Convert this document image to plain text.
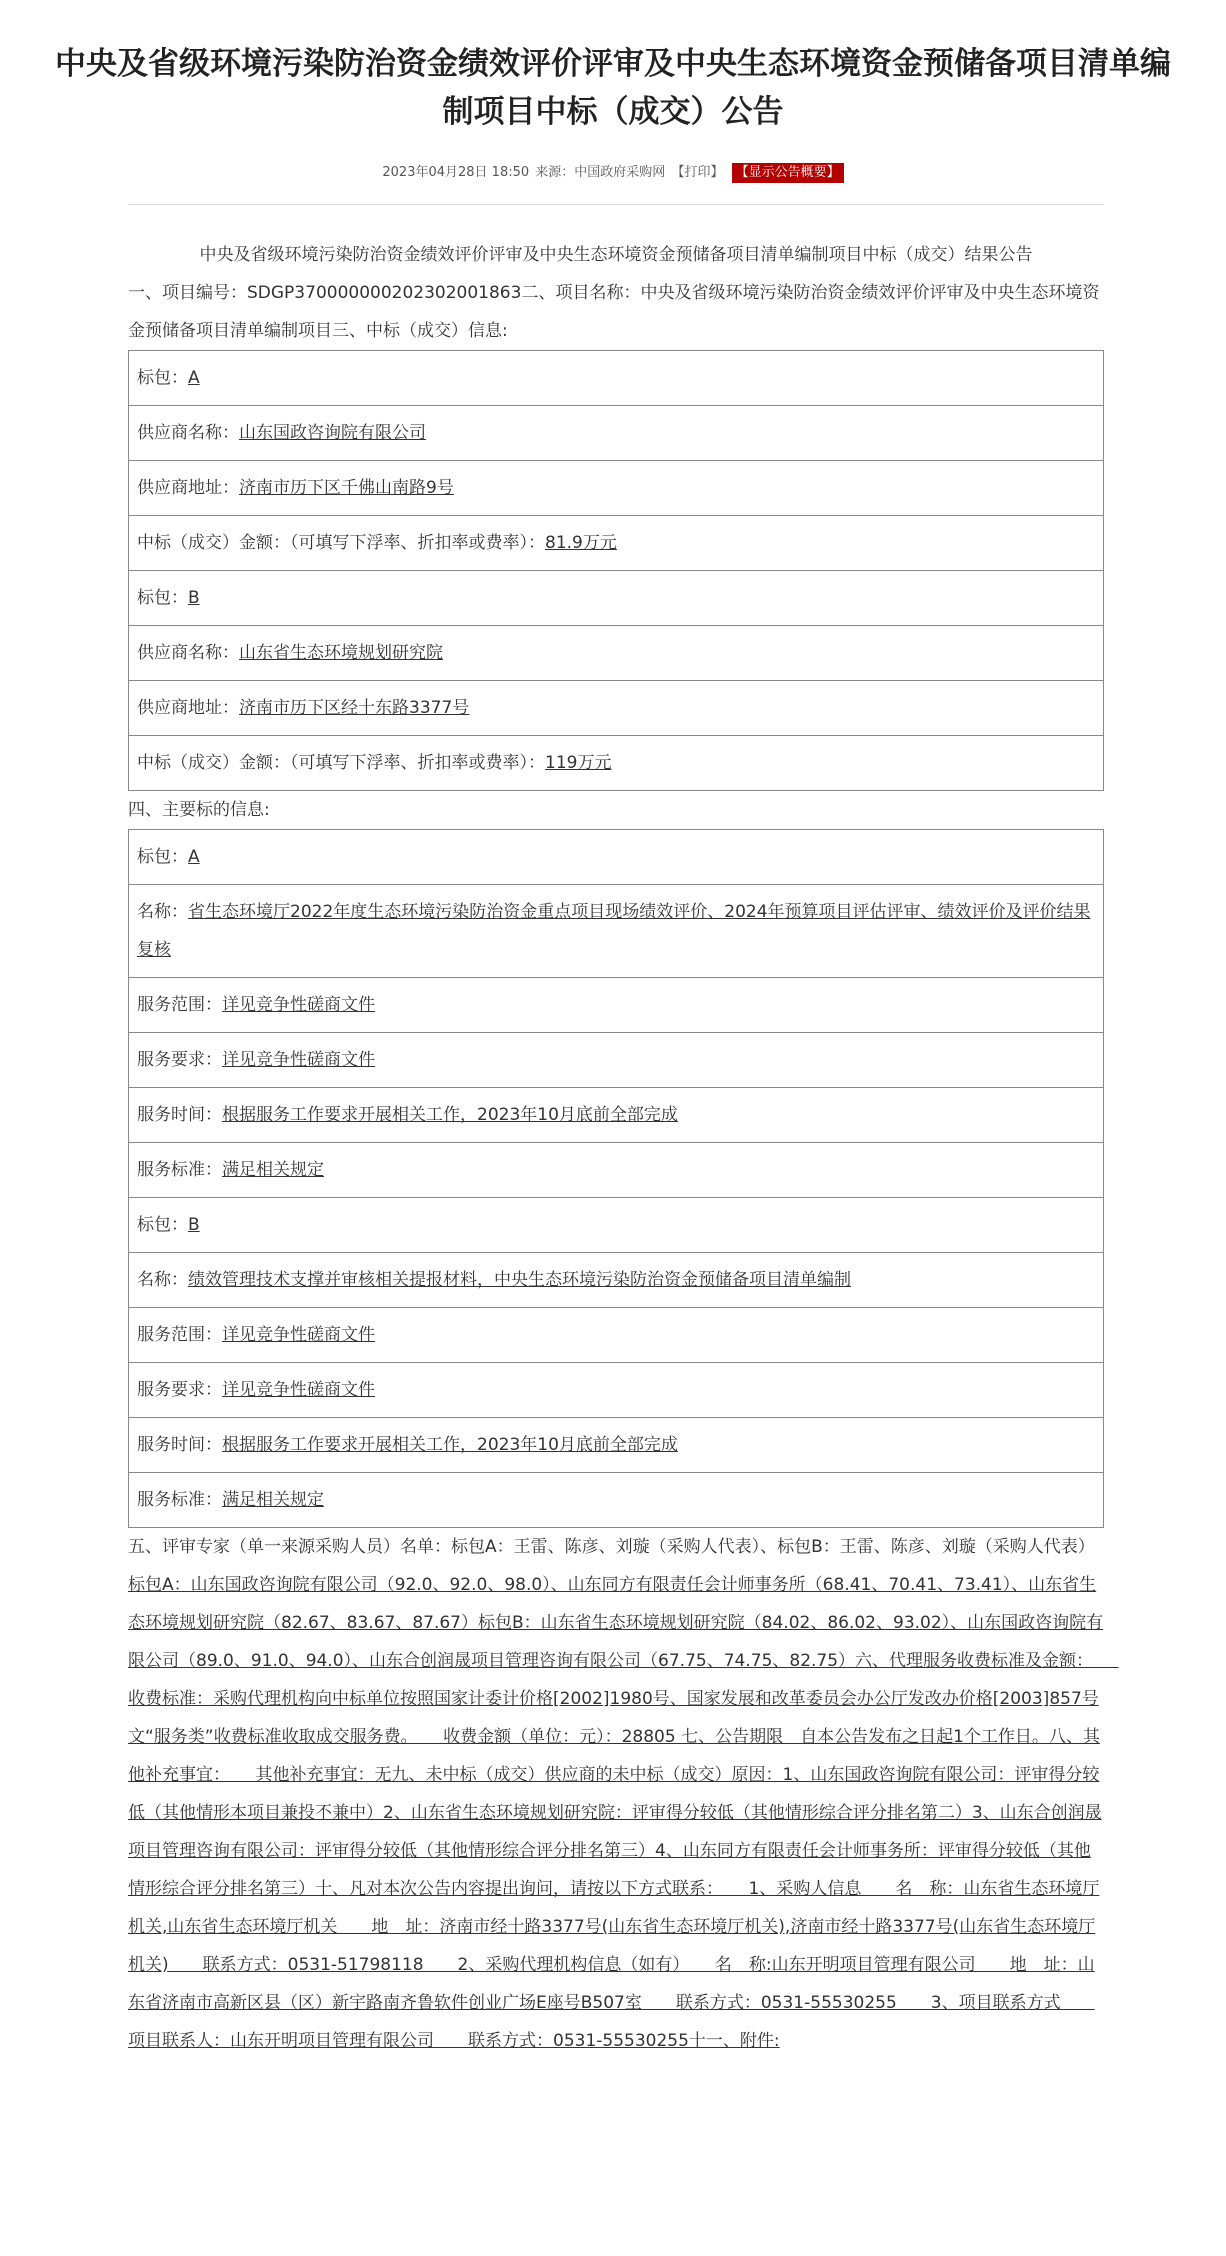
中央及省级环境污染防治资金绩效评价评审及中央生态环境资金预储备项目清单编
制项目中标（成交）公告
2023年04月28日 18:50 来源：中国政府采购网 【打印】 【显示公告概要】

中央及省级环境污染防治资金绩效评价评审及中央生态环境资金预储备项目清单编制项目中标（成交）结果公告

一、项目编号：SDGP370000000202302001863二、项目名称：中央及省级环境污染防治资金绩效评价评审及中央生态环境资金预储备项目清单编制项目三、中标（成交）信息:

标包：A
供应商名称：山东国政咨询院有限公司
供应商地址：济南市历下区千佛山南路9号
中标（成交）金额：（可填写下浮率、折扣率或费率）：81.9万元
标包：B
供应商名称：山东省生态环境规划研究院
供应商地址：济南市历下区经十东路3377号
中标（成交）金额：（可填写下浮率、折扣率或费率）：119万元

四、主要标的信息:

标包：A
名称：省生态环境厅2022年度生态环境污染防治资金重点项目现场绩效评价、2024年预算项目评估评审、绩效评价及评价结果复核
服务范围：详见竞争性磋商文件
服务要求：详见竞争性磋商文件
服务时间：根据服务工作要求开展相关工作，2023年10月底前全部完成
服务标准：满足相关规定
标包：B
名称：绩效管理技术支撑并审核相关提报材料，中央生态环境污染防治资金预储备项目清单编制
服务范围：详见竞争性磋商文件
服务要求：详见竞争性磋商文件
服务时间：根据服务工作要求开展相关工作，2023年10月底前全部完成
服务标准：满足相关规定

五、评审专家（单一来源采购人员）名单：标包A：王雷、陈彦、刘璇（采购人代表）、标包B：王雷、陈彦、刘璇（采购人代表）　　标包A：山东国政咨询院有限公司（92.0、92.0、98.0）、山东同方有限责任会计师事务所（68.41、70.41、73.41）、山东省生态环境规划研究院（82.67、83.67、87.67）标包B：山东省生态环境规划研究院（84.02、86.02、93.02）、山东国政咨询院有限公司（89.0、91.0、94.0）、山东合创润晟项目管理咨询有限公司（67.75、74.75、82.75）六、代理服务收费标准及金额：　　收费标准：采购代理机构向中标单位按照国家计委计价格[2002]1980号、国家发展和改革委员会办公厅发改办价格[2003]857号文“服务类”收费标准收取成交服务费。　　收费金额（单位：元）：28805 七、公告期限　自本公告发布之日起1个工作日。八、其他补充事宜：　　其他补充事宜：无九、未中标（成交）供应商的未中标（成交）原因：1、山东国政咨询院有限公司：评审得分较低（其他情形本项目兼投不兼中）2、山东省生态环境规划研究院：评审得分较低（其他情形综合评分排名第二）3、山东合创润晟项目管理咨询有限公司：评审得分较低（其他情形综合评分排名第三）4、山东同方有限责任会计师事务所：评审得分较低（其他情形综合评分排名第三）十、凡对本次公告内容提出询问，请按以下方式联系：　　1、采购人信息　　名　称：山东省生态环境厅机关,山东省生态环境厅机关　　地　址：济南市经十路3377号(山东省生态环境厅机关),济南市经十路3377号(山东省生态环境厅机关)　　联系方式：0531-51798118　　2、采购代理机构信息（如有）　　名　称:山东开明项目管理有限公司　　地　址：山东省济南市高新区县（区）新宇路南齐鲁软件创业广场E座号B507室　　联系方式：0531-55530255　　3、项目联系方式　　项目联系人：山东开明项目管理有限公司　　联系方式：0531-55530255十一、附件:
